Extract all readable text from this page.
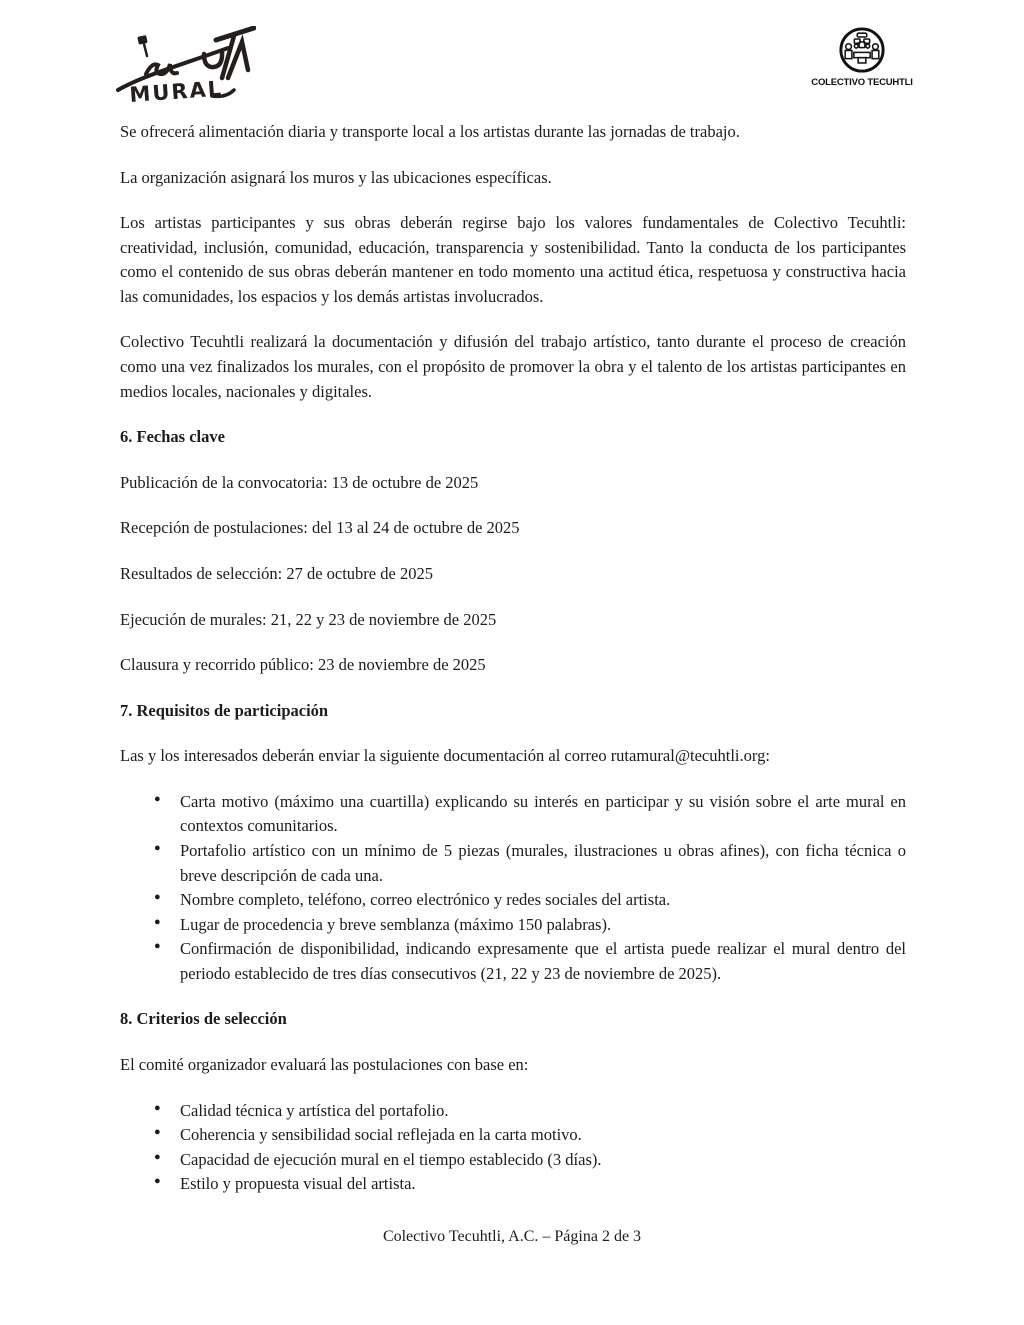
MURAL	COLECTIVO TECUHTLI

Se ofrecerá alimentación diaria y transporte local a los artistas durante las jornadas de trabajo.

La organización asignará los muros y las ubicaciones específicas.

Los artistas participantes y sus obras deberán regirse bajo los valores fundamentales de Colectivo Tecuhtli: creatividad, inclusión, comunidad, educación, transparencia y sostenibilidad. Tanto la conducta de los participantes como el contenido de sus obras deberán mantener en todo momento una actitud ética, respetuosa y constructiva hacia las comunidades, los espacios y los demás artistas involucrados.

Colectivo Tecuhtli realizará la documentación y difusión del trabajo artístico, tanto durante el proceso de creación como una vez finalizados los murales, con el propósito de promover la obra y el talento de los artistas participantes en medios locales, nacionales y digitales.

6. Fechas clave

Publicación de la convocatoria: 13 de octubre de 2025

Recepción de postulaciones: del 13 al 24 de octubre de 2025

Resultados de selección: 27 de octubre de 2025

Ejecución de murales: 21, 22 y 23 de noviembre de 2025

Clausura y recorrido público: 23 de noviembre de 2025

7. Requisitos de participación

Las y los interesados deberán enviar la siguiente documentación al correo rutamural@tecuhtli.org:

● Carta motivo (máximo una cuartilla) explicando su interés en participar y su visión sobre el arte mural en contextos comunitarios.
● Portafolio artístico con un mínimo de 5 piezas (murales, ilustraciones u obras afines), con ficha técnica o breve descripción de cada una.
● Nombre completo, teléfono, correo electrónico y redes sociales del artista.
● Lugar de procedencia y breve semblanza (máximo 150 palabras).
● Confirmación de disponibilidad, indicando expresamente que el artista puede realizar el mural dentro del periodo establecido de tres días consecutivos (21, 22 y 23 de noviembre de 2025).
8. Criterios de selección

El comité organizador evaluará las postulaciones con base en:

● Calidad técnica y artística del portafolio.
● Coherencia y sensibilidad social reflejada en la carta motivo.
● Capacidad de ejecución mural en el tiempo establecido (3 días).
● Estilo y propuesta visual del artista.
Colectivo Tecuhtli, A.C. – Página 2 de 3
